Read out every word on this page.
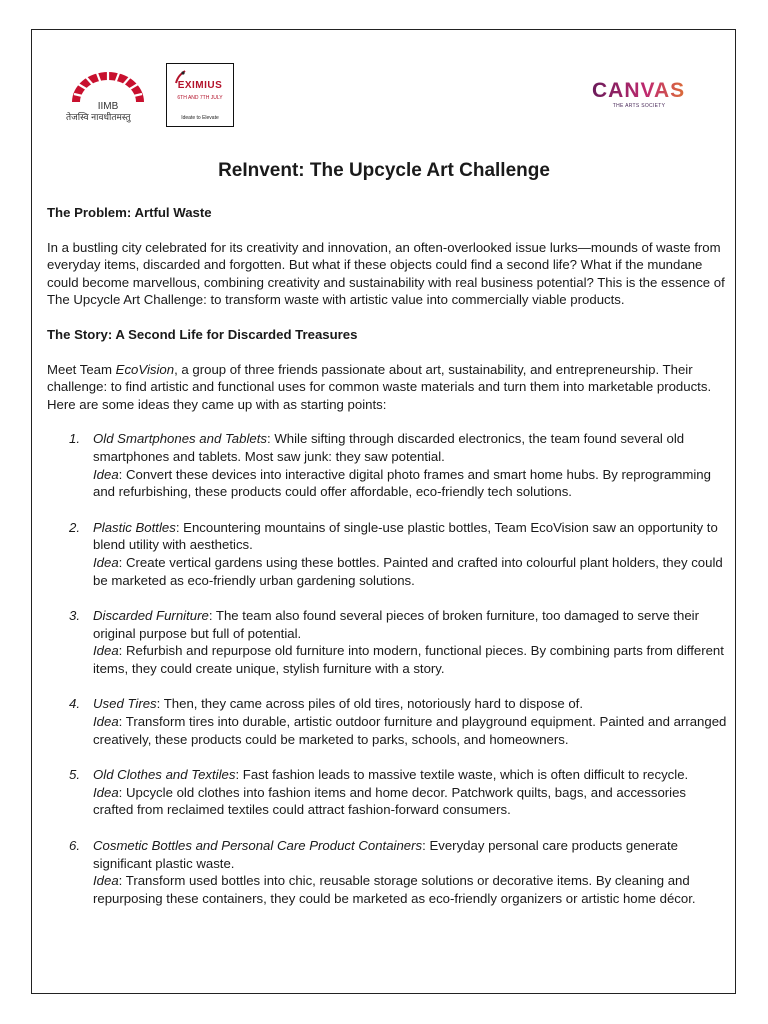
IIMB
तेजस्वि नावधीतमस्तु
EXIMIUS
6TH AND 7TH JULY
Ideate to Elevate
CANVAS
THE ARTS SOCIETY
ReInvent: The Upcycle Art Challenge

The Problem: Artful Waste

In a bustling city celebrated for its creativity and innovation, an often-overlooked issue lurks—mounds of waste from everyday items, discarded and forgotten. But what if these objects could find a second life? What if the mundane could become marvellous, combining creativity and sustainability with real business potential? This is the essence of The Upcycle Art Challenge: to transform waste with artistic value into commercially viable products.

The Story: A Second Life for Discarded Treasures

Meet Team EcoVision, a group of three friends passionate about art, sustainability, and entrepreneurship. Their challenge: to find artistic and functional uses for common waste materials and turn them into marketable products. Here are some ideas they came up with as starting points:

1. Old Smartphones and Tablets: While sifting through discarded electronics, the team found several old smartphones and tablets. Most saw junk: they saw potential.
Idea: Convert these devices into interactive digital photo frames and smart home hubs. By reprogramming and refurbishing, these products could offer affordable, eco-friendly tech solutions.
2. Plastic Bottles: Encountering mountains of single-use plastic bottles, Team EcoVision saw an opportunity to blend utility with aesthetics.
Idea: Create vertical gardens using these bottles. Painted and crafted into colourful plant holders, they could be marketed as eco-friendly urban gardening solutions.
3. Discarded Furniture: The team also found several pieces of broken furniture, too damaged to serve their original purpose but full of potential.
Idea: Refurbish and repurpose old furniture into modern, functional pieces. By combining parts from different items, they could create unique, stylish furniture with a story.
4. Used Tires: Then, they came across piles of old tires, notoriously hard to dispose of.
Idea: Transform tires into durable, artistic outdoor furniture and playground equipment. Painted and arranged creatively, these products could be marketed to parks, schools, and homeowners.
5. Old Clothes and Textiles: Fast fashion leads to massive textile waste, which is often difficult to recycle.
Idea: Upcycle old clothes into fashion items and home decor. Patchwork quilts, bags, and accessories crafted from reclaimed textiles could attract fashion-forward consumers.
6. Cosmetic Bottles and Personal Care Product Containers: Everyday personal care products generate significant plastic waste.
Idea: Transform used bottles into chic, reusable storage solutions or decorative items. By cleaning and repurposing these containers, they could be marketed as eco-friendly organizers or artistic home décor.
